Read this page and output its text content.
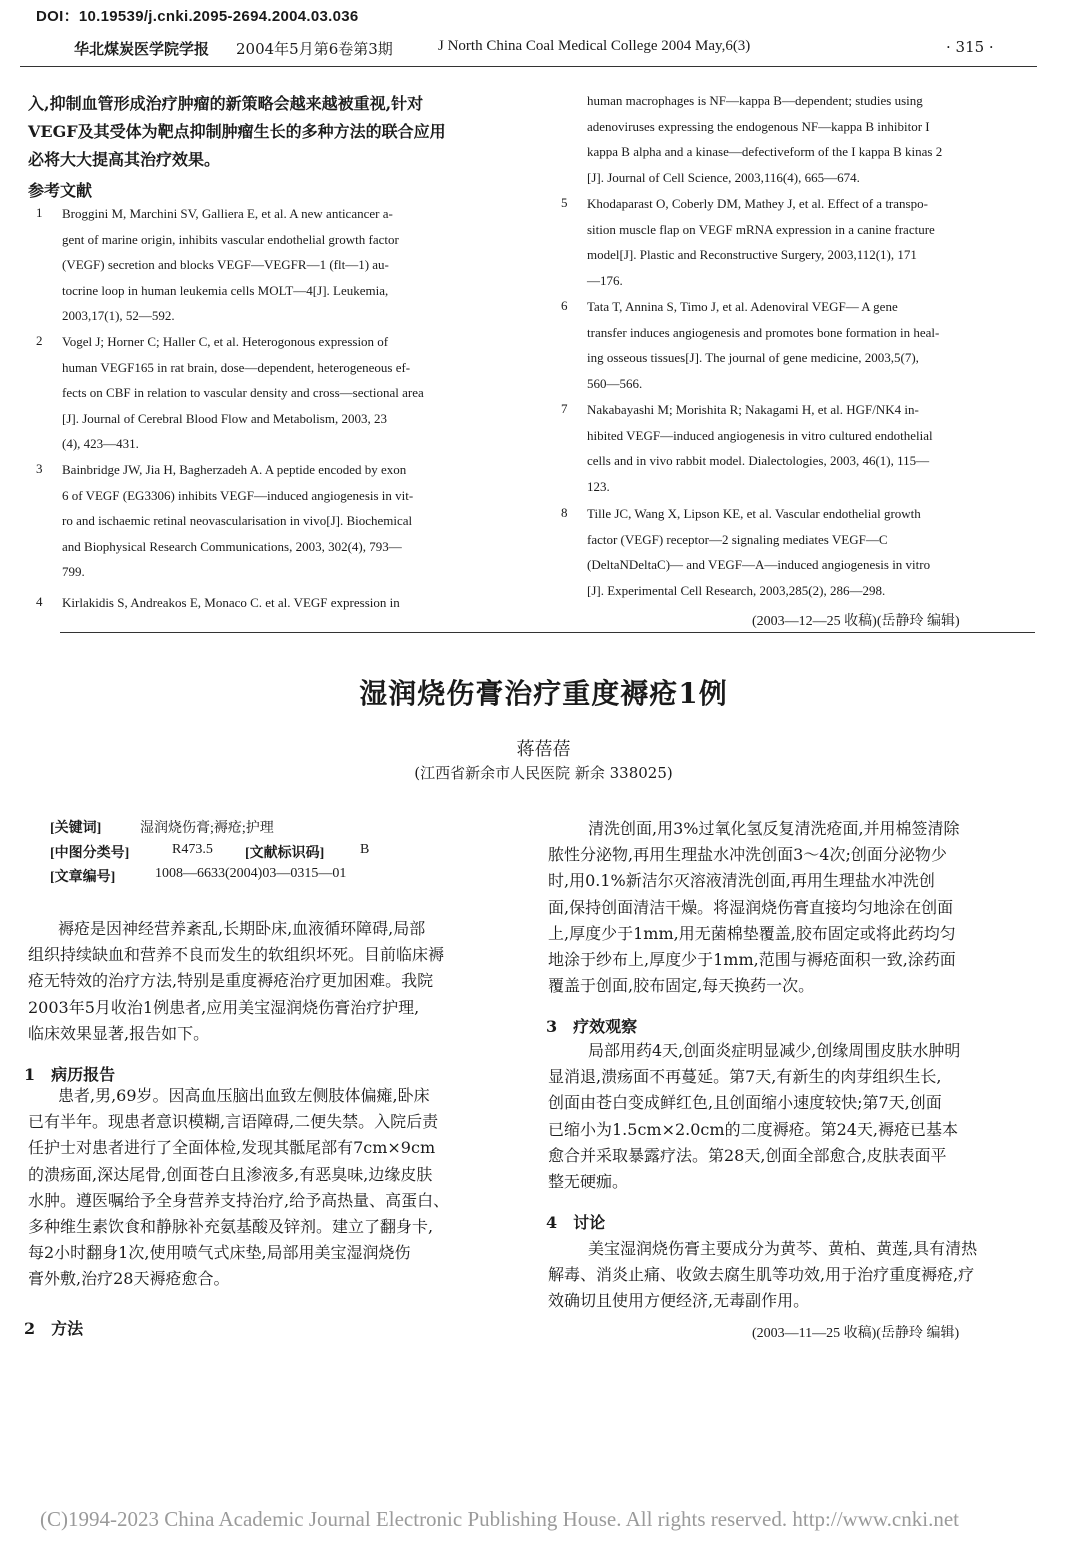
DOI：10.19539/j.cnki.2095-2694.2004.03.036
华北煤炭医学院学报 2004年5月第6卷第3期	J North China Coal Medical College 2004 May,6(3)	· 315 ·
入,抑制血管形成治疗肿瘤的新策略会越来越被重视,针对
VEGF及其受体为靶点抑制肿瘤生长的多种方法的联合应用
必将大大提高其治疗效果。
参考文献
1 Broggini M, Marchini SV, Galliera E, et al. A new anticancer a-
gent of marine origin, inhibits vascular endothelial growth factor
(VEGF) secretion and blocks VEGF—VEGFR—1 (flt—1) au-
tocrine loop in human leukemia cells MOLT—4[J]. Leukemia,
2003,17(1), 52—592.
2 Vogel J; Horner C; Haller C, et al. Heterogonous expression of
human VEGF165 in rat brain, dose—dependent, heterogeneous ef-
fects on CBF in relation to vascular density and cross—sectional area
[J]. Journal of Cerebral Blood Flow and Metabolism, 2003, 23
(4), 423—431.
3 Bainbridge JW, Jia H, Bagherzadeh A. A peptide encoded by exon
6 of VEGF (EG3306) inhibits VEGF—induced angiogenesis in vit-
ro and ischaemic retinal neovascularisation in vivo[J]. Biochemical
and Biophysical Research Communications, 2003, 302(4), 793—
799.
4 Kirlakidis S, Andreakos E, Monaco C. et al. VEGF expression in
human macrophages is NF—kappa B—dependent; studies using
adenoviruses expressing the endogenous NF—kappa B inhibitor I
kappa B alpha and a kinase—defectiveform of the I kappa B kinas 2
[J]. Journal of Cell Science, 2003,116(4), 665—674.
5 Khodaparast O, Coberly DM, Mathey J, et al. Effect of a transpo-
sition muscle flap on VEGF mRNA expression in a canine fracture
model[J]. Plastic and Reconstructive Surgery, 2003,112(1), 171
—176.
6 Tata T, Annina S, Timo J, et al. Adenoviral VEGF— A gene
transfer induces angiogenesis and promotes bone formation in heal-
ing osseous tissues[J]. The journal of gene medicine, 2003,5(7),
560—566.
7 Nakabayashi M; Morishita R; Nakagami H, et al. HGF/NK4 in-
hibited VEGF—induced angiogenesis in vitro cultured endothelial
cells and in vivo rabbit model. Dialectologies, 2003, 46(1), 115—
123.
8 Tille JC, Wang X, Lipson KE, et al. Vascular endothelial growth
factor (VEGF) receptor—2 signaling mediates VEGF—C
(DeltaNDeltaC)— and VEGF—A—induced angiogenesis in vitro
[J]. Experimental Cell Research, 2003,285(2), 286—298.
(2003—12—25 收稿)(岳静玲 编辑)
湿润烧伤膏治疗重度褥疮1例
蒋蓓蓓
(江西省新余市人民医院 新余 338025)
[关键词]	湿润烧伤膏;褥疮;护理
[中图分类号]	R473.5 [文献标识码]	B
[文章编号]	1008—6633(2004)03—0315—01
褥疮是因神经营养紊乱,长期卧床,血液循环障碍,局部
组织持续缺血和营养不良而发生的软组织坏死。目前临床褥
疮无特效的治疗方法,特别是重度褥疮治疗更加困难。我院
2003年5月收治1例患者,应用美宝湿润烧伤膏治疗护理,
临床效果显著,报告如下。
1　病历报告
患者,男,69岁。因高血压脑出血致左侧肢体偏瘫,卧床
已有半年。现患者意识模糊,言语障碍,二便失禁。入院后责
任护士对患者进行了全面体检,发现其骶尾部有7cm×9cm
的溃疡面,深达尾骨,创面苍白且渗液多,有恶臭味,边缘皮肤
水肿。遵医嘱给予全身营养支持治疗,给予高热量、高蛋白、
多种维生素饮食和静脉补充氨基酸及锌剂。建立了翻身卡,
每2小时翻身1次,使用喷气式床垫,局部用美宝湿润烧伤
膏外敷,治疗28天褥疮愈合。
2　方法
清洗创面,用3%过氧化氢反复清洗疮面,并用棉签清除
脓性分泌物,再用生理盐水冲洗创面3～4次;创面分泌物少
时,用0.1%新洁尔灭溶液清洗创面,再用生理盐水冲洗创
面,保持创面清洁干燥。将湿润烧伤膏直接均匀地涂在创面
上,厚度少于1mm,用无菌棉垫覆盖,胶布固定或将此药均匀
地涂于纱布上,厚度少于1mm,范围与褥疮面积一致,涂药面
覆盖于创面,胶布固定,每天换药一次。
3　疗效观察
局部用药4天,创面炎症明显减少,创缘周围皮肤水肿明
显消退,溃疡面不再蔓延。第7天,有新生的肉芽组织生长,
创面由苍白变成鲜红色,且创面缩小速度较快;第7天,创面
已缩小为1.5cm×2.0cm的二度褥疮。第24天,褥疮已基本
愈合并采取暴露疗法。第28天,创面全部愈合,皮肤表面平
整无硬痂。
4　讨论
美宝湿润烧伤膏主要成分为黄芩、黄柏、黄莲,具有清热
解毒、消炎止痛、收敛去腐生肌等功效,用于治疗重度褥疮,疗
效确切且使用方便经济,无毒副作用。
(2003—11—25 收稿)(岳静玲 编辑)
(C)1994-2023 China Academic Journal Electronic Publishing House. All rights reserved. http://www.cnki.net
